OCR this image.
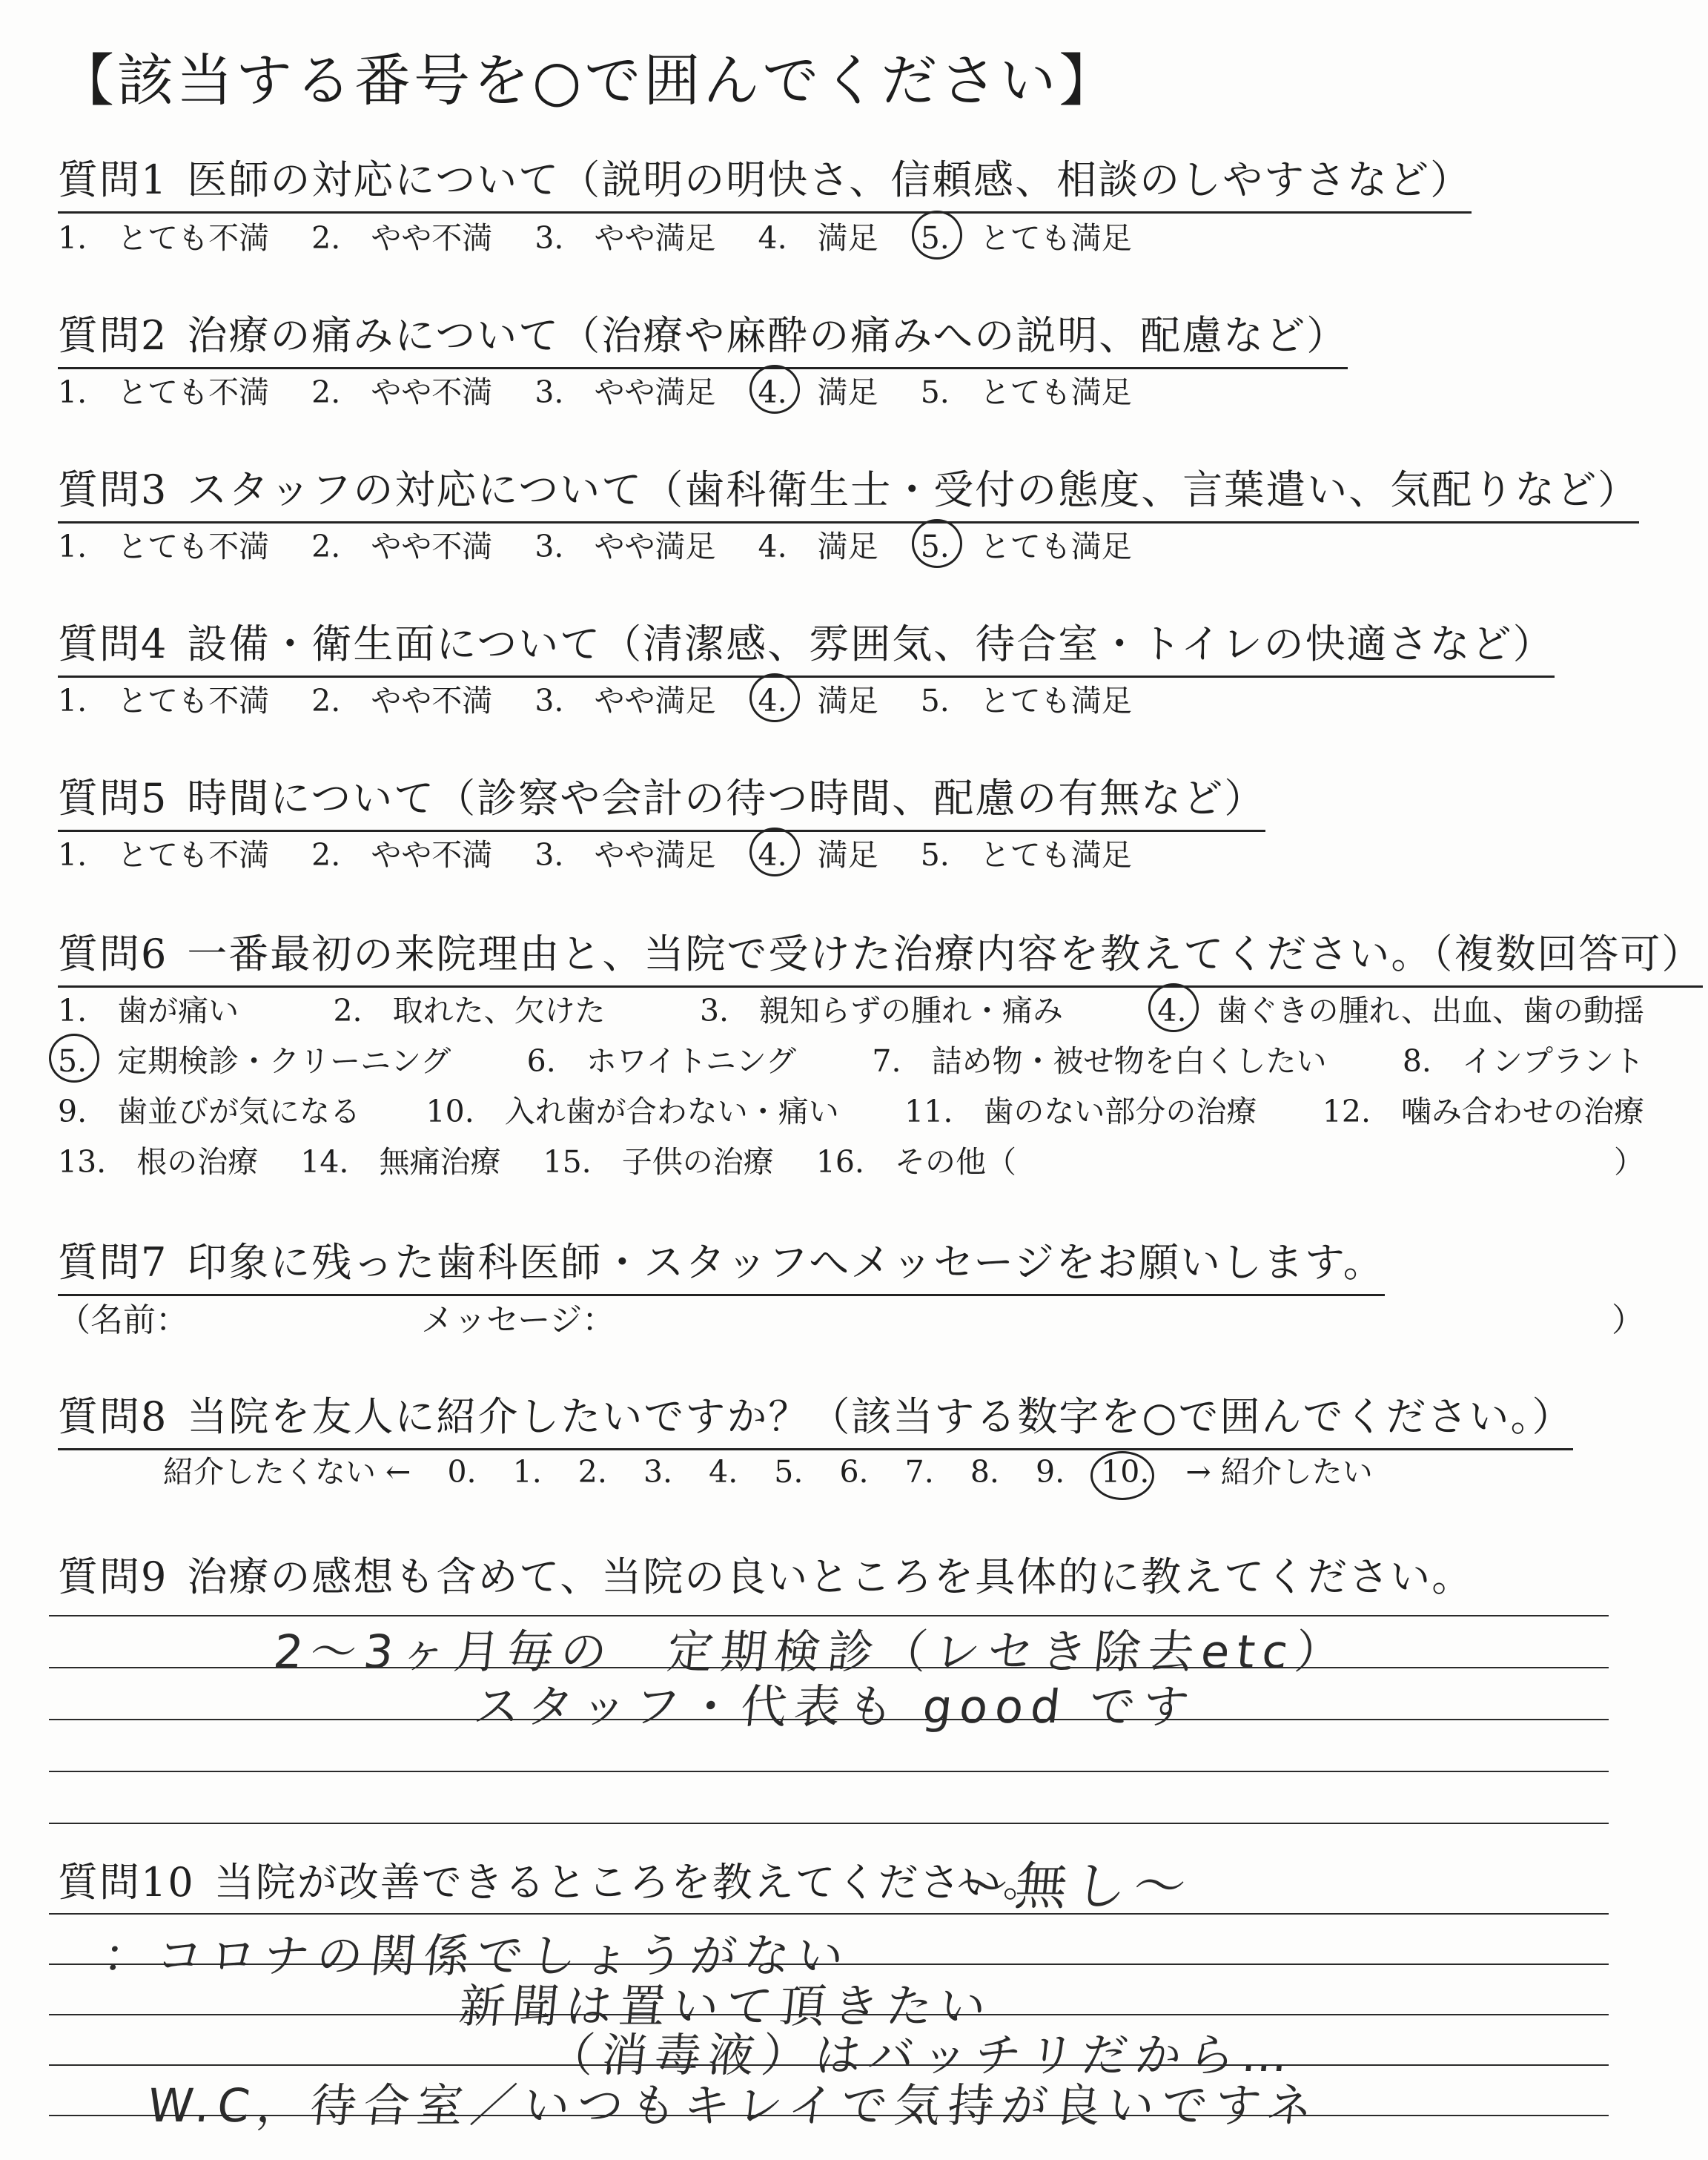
【該当する番号を○で囲んでください】
質問1 医師の対応について（説明の明快さ、信頼感、相談のしやすさなど）
1.　とても不満 2.　やや不満 3.　やや満足 4.　満足 5.　とても満足
質問2 治療の痛みについて（治療や麻酔の痛みへの説明、配慮など）
1.　とても不満 2.　やや不満 3.　やや満足 4.　満足 5.　とても満足
質問3 スタッフの対応について（歯科衛生士・受付の態度、言葉遣い、気配りなど）
1.　とても不満 2.　やや不満 3.　やや満足 4.　満足 5.　とても満足
質問4 設備・衛生面について（清潔感、雰囲気、待合室・トイレの快適さなど）
1.　とても不満 2.　やや不満 3.　やや満足 4.　満足 5.　とても満足
質問5 時間について（診察や会計の待つ時間、配慮の有無など）
1.　とても不満 2.　やや不満 3.　やや満足 4.　満足 5.　とても満足
質問6 一番最初の来院理由と、当院で受けた治療内容を教えてください。（複数回答可）
1.　歯が痛い	2.　取れた、欠けた	3.　親知らずの腫れ・痛み	4.　歯ぐきの腫れ、出血、歯の動揺
5.　定期検診・クリーニング 6.　ホワイトニング 7.　詰め物・被せ物を白くしたい 8.　インプラント
9.　歯並びが気になる 10.　入れ歯が合わない・痛い 11.　歯のない部分の治療 12.　噛み合わせの治療
13.　根の治療 14.　無痛治療 15.　子供の治療 16.　その他（	）
質問7 印象に残った歯科医師・スタッフへメッセージをお願いします。
（名前：	メッセージ：	）
質問8 当院を友人に紹介したいですか？（該当する数字を○で囲んでください。）
紹介したくない ← 0. 1. 2. 3. 4. 5. 6. 7. 8. 9. 10. → 紹介したい
質問9 治療の感想も含めて、当院の良いところを具体的に教えてください。
2〜3ヶ月毎の　定期検診（レセき除去etc）
スタッフ・代表も good です
質問10 当院が改善できるところを教えてください。
〜無し〜
：コロナの関係でしょうがない
新聞は置いて頂きたい
（消毒液）はバッチリだから…
W.C，待合室／いつもキレイで気持が良いですネ
